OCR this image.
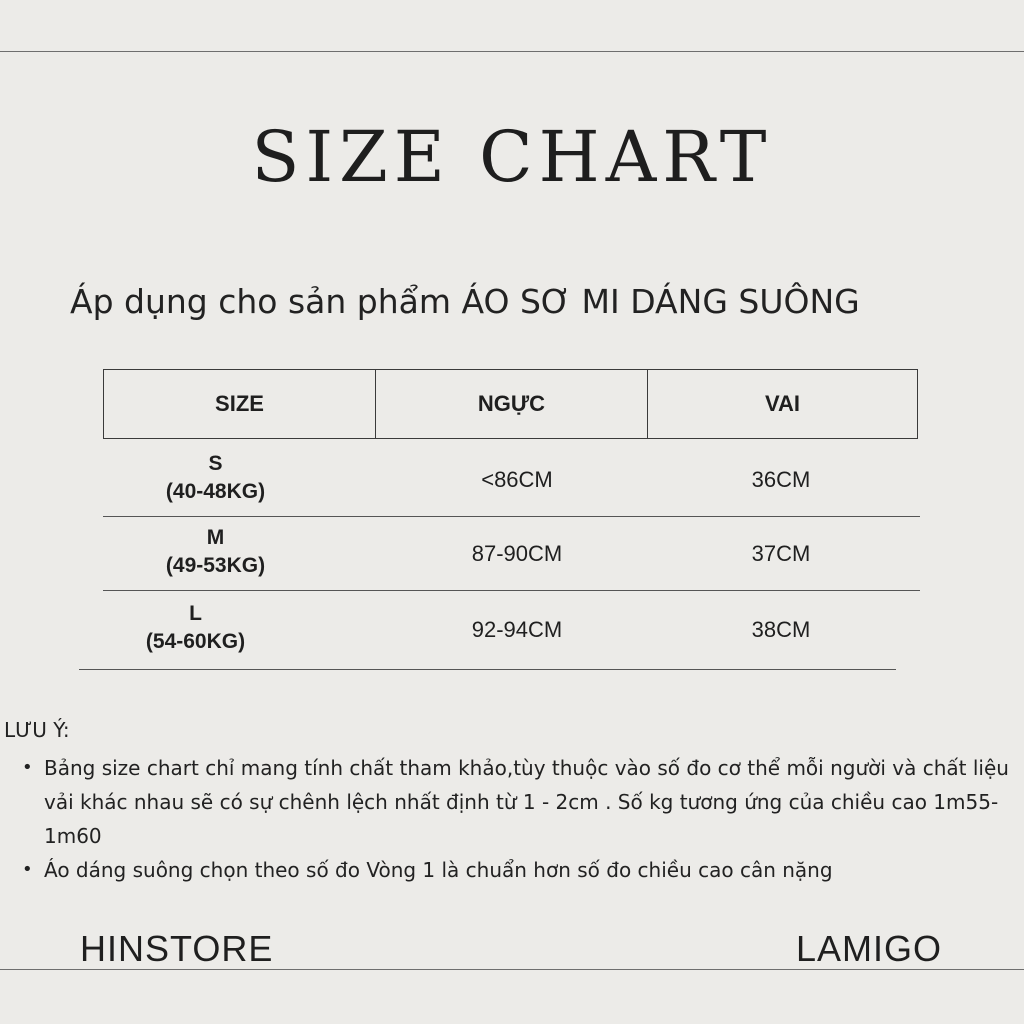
SIZE CHART
Áp dụng cho sản phẩm ÁO SƠ MI DÁNG SUÔNG
SIZE	NGỰC	VAI
S
(40-48KG)	<86CM	36CM
M
(49-53KG)	87-90CM	37CM
L
(54-60KG)	92-94CM	38CM
LƯU Ý:
• Bảng size chart chỉ mang tính chất tham khảo,tùy thuộc vào số đo cơ thể mỗi người và chất liệu vải khác nhau sẽ có sự chênh lệch nhất định từ 1 - 2cm . Số kg tương ứng của chiều cao 1m55-1m60
• Áo dáng suông chọn theo số đo Vòng 1 là chuẩn hơn số đo chiều cao cân nặng
HINSTORE	LAMIGO
